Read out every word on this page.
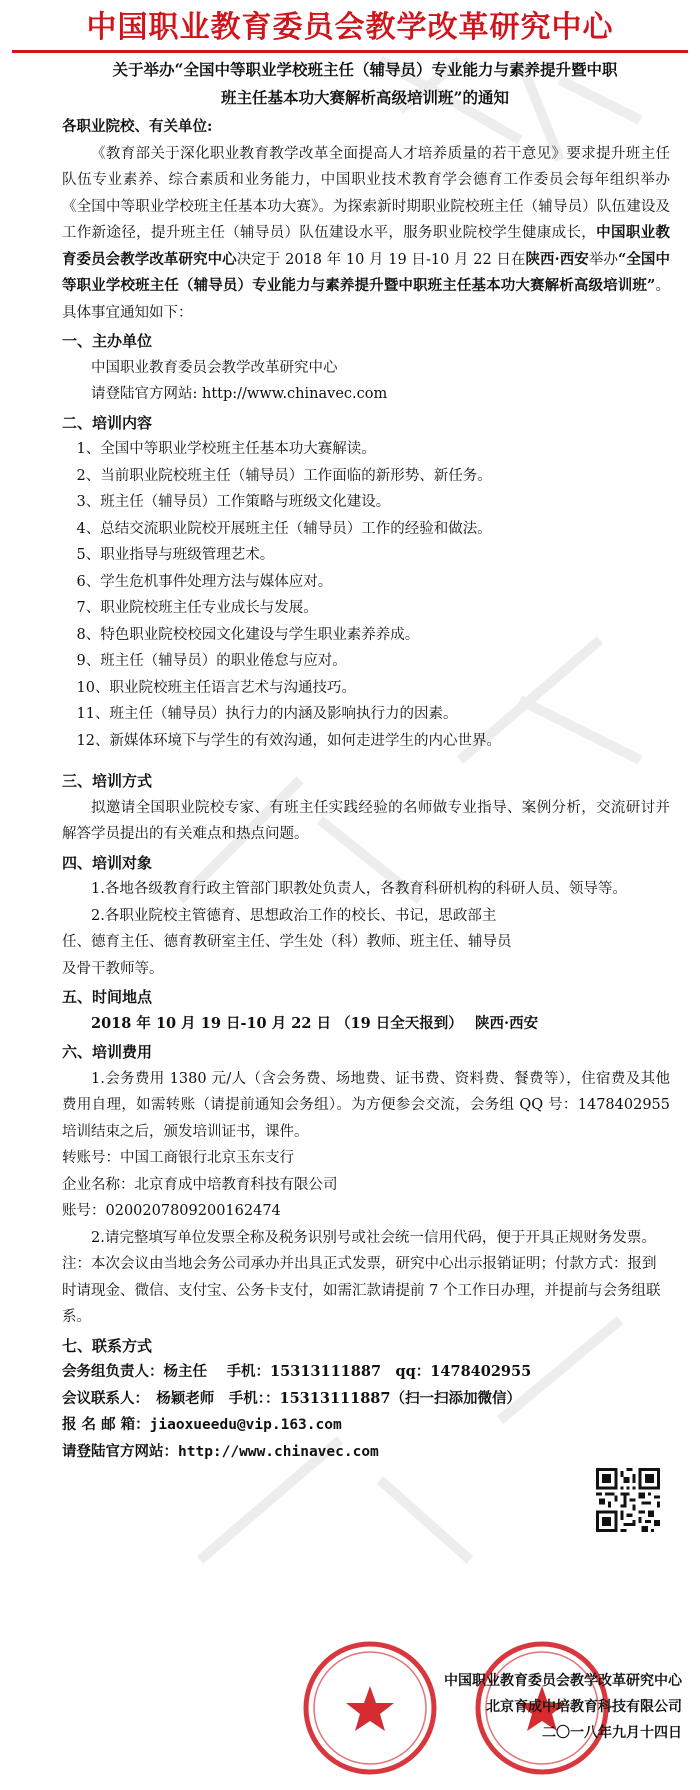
中国职业教育委员会教学改革研究中心
关于举办“全国中等职业学校班主任（辅导员）专业能力与素养提升暨中职
班主任基本功大赛解析高级培训班”的通知
各职业院校、有关单位:
《教育部关于深化职业教育教学改革全面提高人才培养质量的若干意见》要求提升班主任队伍专业素养、综合素质和业务能力，中国职业技术教育学会德育工作委员会每年组织举办《全国中等职业学校班主任基本功大赛》。为探索新时期职业院校班主任（辅导员）队伍建设及工作新途径，提升班主任（辅导员）队伍建设水平，服务职业院校学生健康成长，中国职业教育委员会教学改革研究中心决定于 2018 年 10 月 19 日-10 月 22 日在陕西·西安举办“全国中等职业学校班主任（辅导员）专业能力与素养提升暨中职班主任基本功大赛解析高级培训班”。具体事宜通知如下：
一、主办单位
中国职业教育委员会教学改革研究中心
请登陆官方网站: http://www.chinavec.com
二、培训内容
1、全国中等职业学校班主任基本功大赛解读。
2、当前职业院校班主任（辅导员）工作面临的新形势、新任务。
3、班主任（辅导员）工作策略与班级文化建设。
4、总结交流职业院校开展班主任（辅导员）工作的经验和做法。
5、职业指导与班级管理艺术。
6、学生危机事件处理方法与媒体应对。
7、职业院校班主任专业成长与发展。
8、特色职业院校校园文化建设与学生职业素养养成。
9、班主任（辅导员）的职业倦怠与应对。
10、职业院校班主任语言艺术与沟通技巧。
11、班主任（辅导员）执行力的内涵及影响执行力的因素。
12、新媒体环境下与学生的有效沟通，如何走进学生的内心世界。
三、培训方式
拟邀请全国职业院校专家、有班主任实践经验的名师做专业指导、案例分析，交流研讨并解答学员提出的有关难点和热点问题。
四、培训对象
1.各地各级教育行政主管部门职教处负责人，各教育科研机构的科研人员、领导等。
2.各职业院校主管德育、思想政治工作的校长、书记，思政部主
任、德育主任、德育教研室主任、学生处（科）教师、班主任、辅导员
及骨干教师等。
五、时间地点
2018 年 10 月 19 日-10 月 22 日 （19 日全天报到）　 陕西·西安
六、培训费用
1.会务费用 1380 元/人（含会务费、场地费、证书费、资料费、餐费等），住宿费及其他费用自理，如需转账（请提前通知会务组）。为方便参会交流，会务组 QQ 号：1478402955　　培训结束之后，颁发培训证书，课件。
转账号：中国工商银行北京玉东支行
企业名称：北京育成中培教育科技有限公司
账号：0200207809200162474
2.请完整填写单位发票全称及税务识别号或社会统一信用代码，便于开具正规财务发票。
注：本次会议由当地会务公司承办并出具正式发票，研究中心出示报销证明；付款方式：报到时请现金、微信、支付宝、公务卡支付，如需汇款请提前 7 个工作日办理，并提前与会务组联系。
七、联系方式
会务组负责人：杨主任　 手机：15313111887　qq：1478402955
会议联系人：　杨颖老师　手机：：15313111887（扫一扫添加微信）
报 名 邮 箱：jiaoxueedu@vip.163.com
请登陆官方网站：http://www.chinavec.com
中国职业教育委员会教学改革研究中心
北京育成中培教育科技有限公司
二〇一八年九月十四日
